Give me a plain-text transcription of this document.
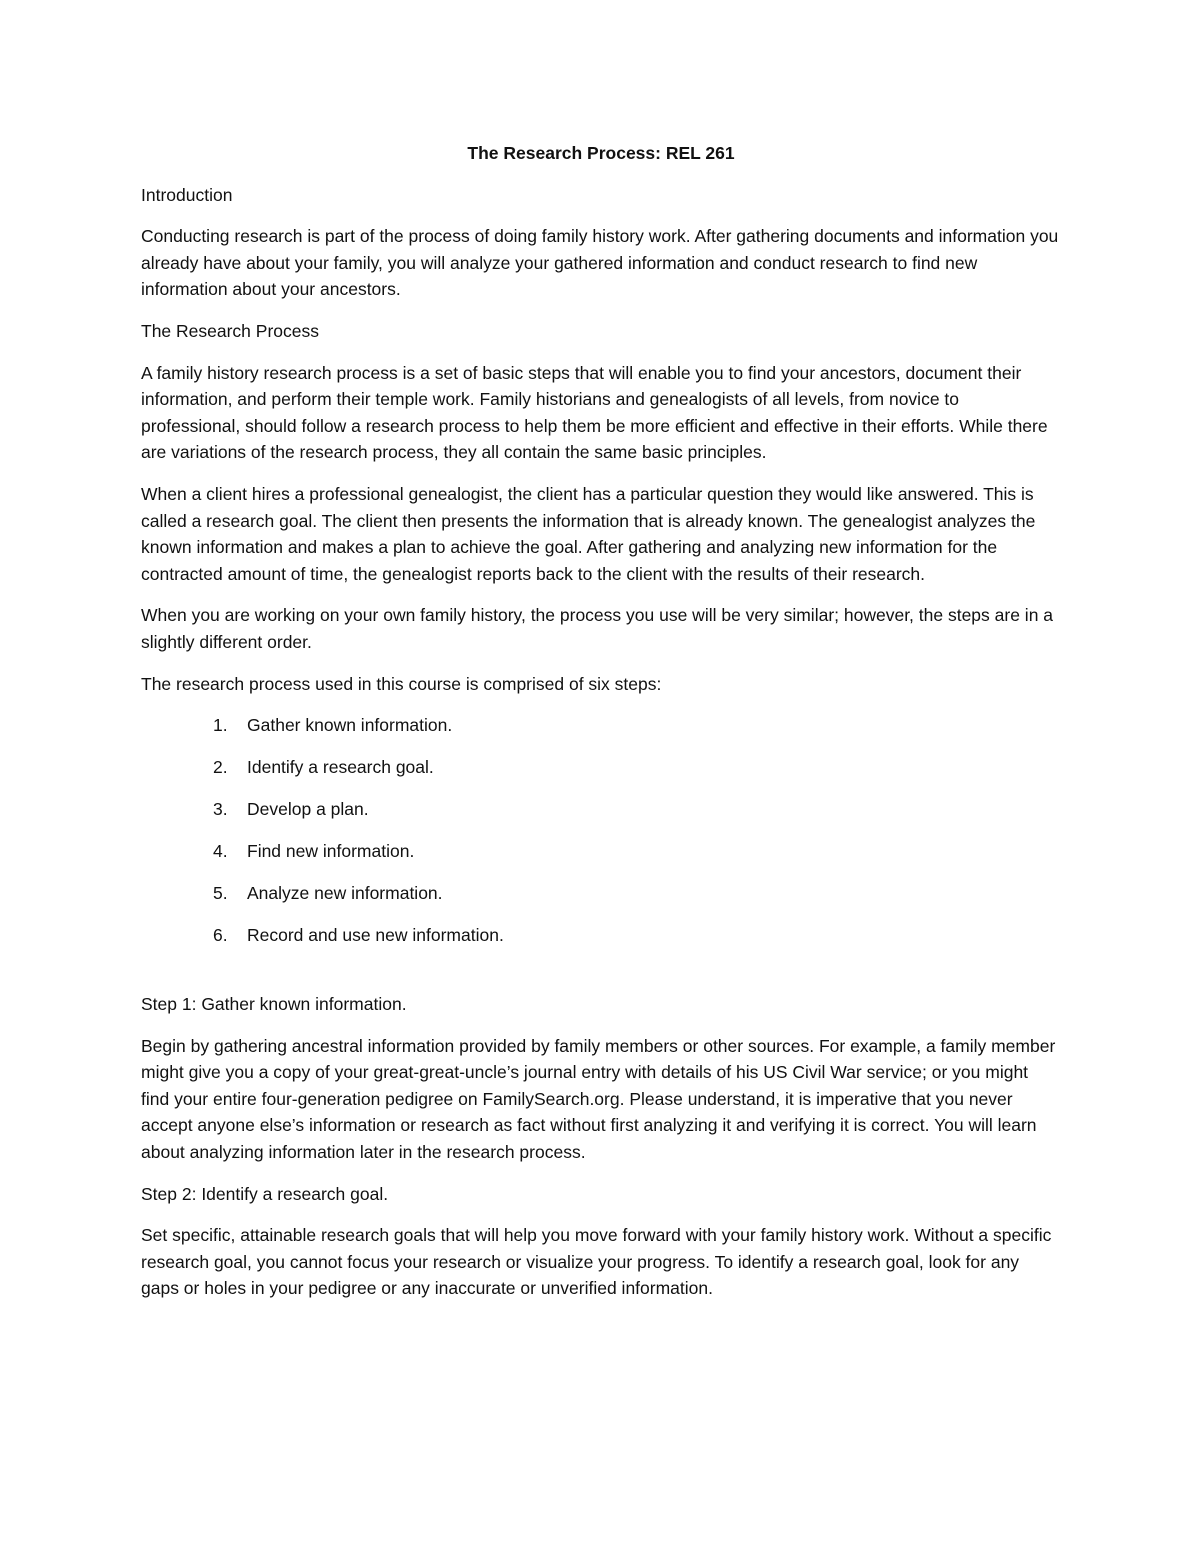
The Research Process: REL 261
Introduction

Conducting research is part of the process of doing family history work. After gathering documents and information you already have about your family, you will analyze your gathered information and conduct research to find new information about your ancestors.

The Research Process

A family history research process is a set of basic steps that will enable you to find your ancestors, document their information, and perform their temple work. Family historians and genealogists of all levels, from novice to professional, should follow a research process to help them be more efficient and effective in their efforts. While there are variations of the research process, they all contain the same basic principles.

When a client hires a professional genealogist, the client has a particular question they would like answered. This is called a research goal. The client then presents the information that is already known. The genealogist analyzes the known information and makes a plan to achieve the goal. After gathering and analyzing new information for the contracted amount of time, the genealogist reports back to the client with the results of their research.

When you are working on your own family history, the process you use will be very similar; however, the steps are in a slightly different order.

The research process used in this course is comprised of six steps:

1. Gather known information.
2. Identify a research goal.
3. Develop a plan.
4. Find new information.
5. Analyze new information.
6. Record and use new information.
Step 1: Gather known information.

Begin by gathering ancestral information provided by family members or other sources. For example, a family member might give you a copy of your great-great-uncle’s journal entry with details of his US Civil War service; or you might find your entire four-generation pedigree on FamilySearch.org. Please understand, it is imperative that you never accept anyone else’s information or research as fact without first analyzing it and verifying it is correct. You will learn about analyzing information later in the research process.

Step 2: Identify a research goal.

Set specific, attainable research goals that will help you move forward with your family history work. Without a specific research goal, you cannot focus your research or visualize your progress. To identify a research goal, look for any gaps or holes in your pedigree or any inaccurate or unverified information.
